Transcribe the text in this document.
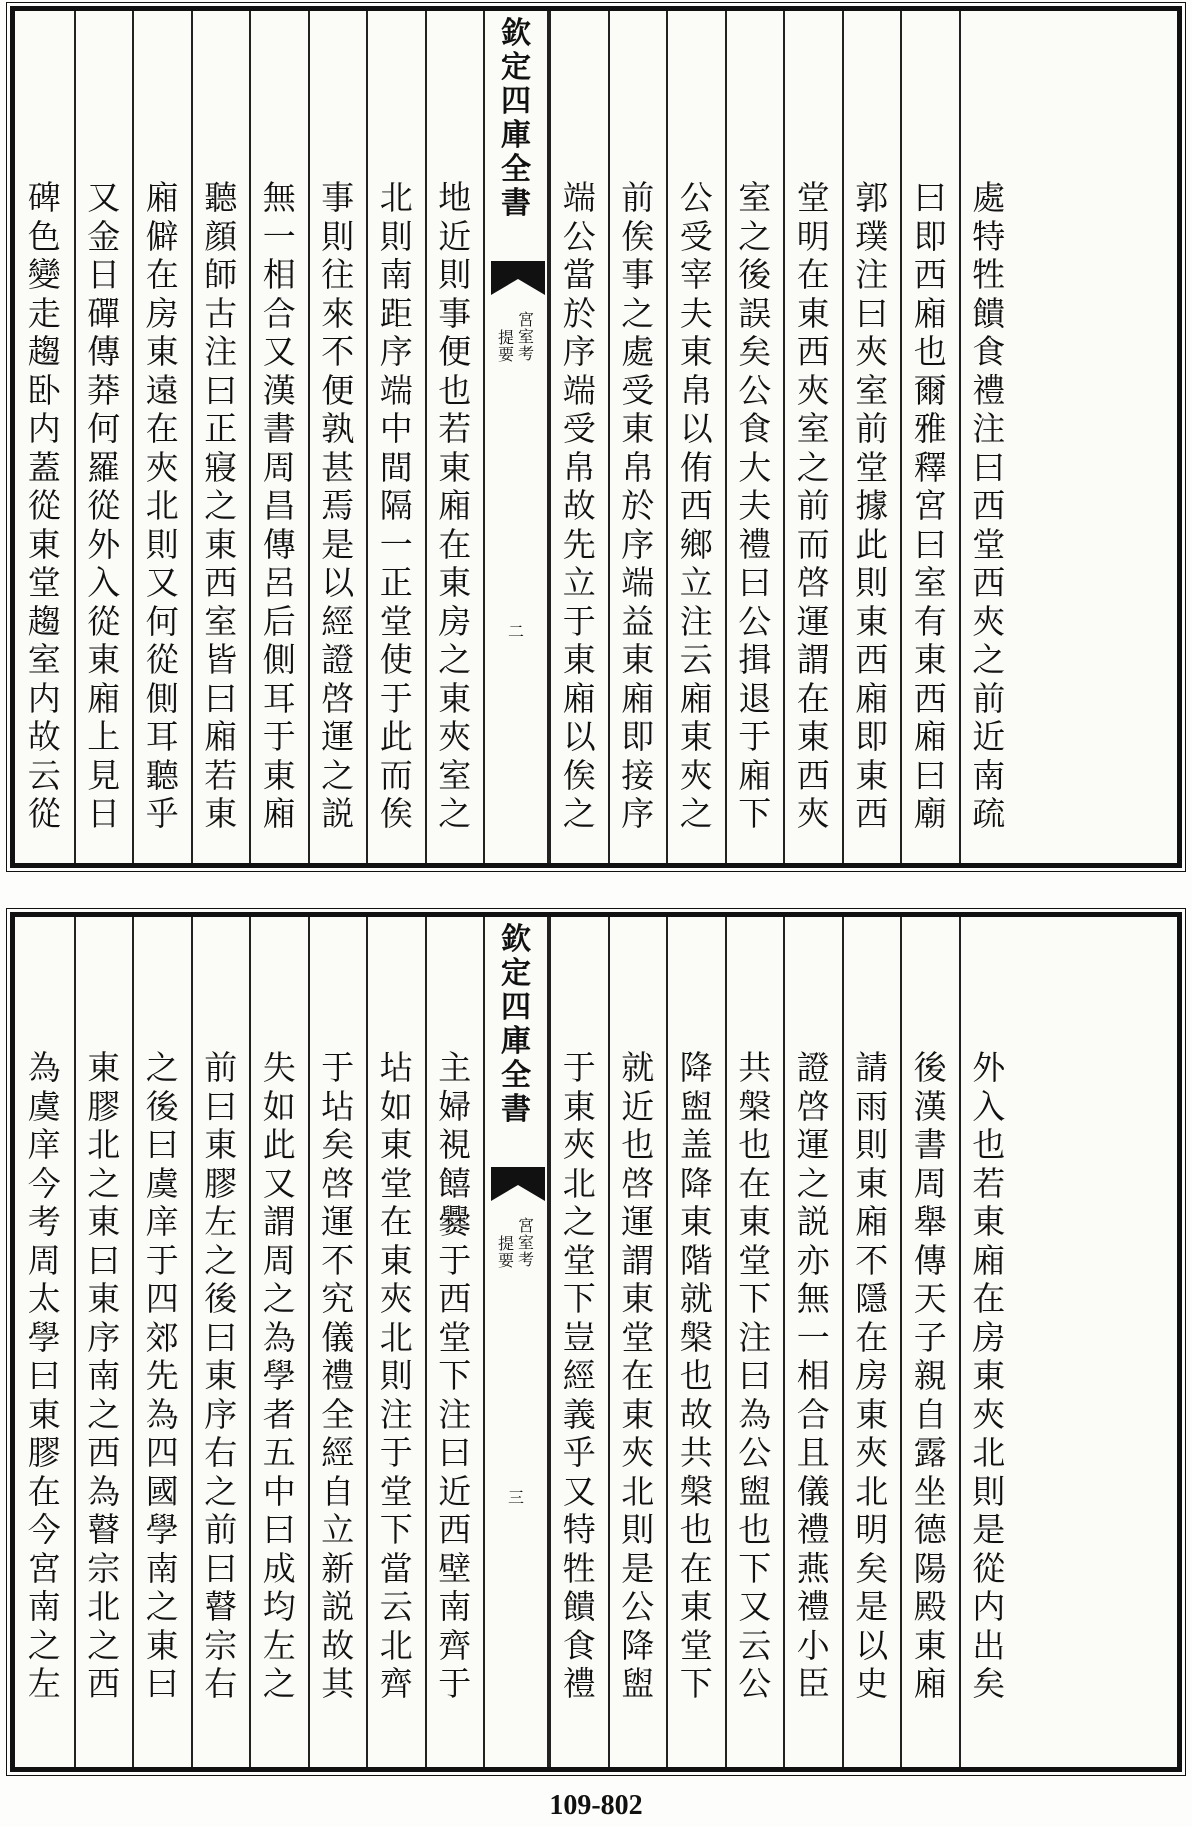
碑
色
變
走
趨
卧
内
蓋
從
東
堂
趨
室
内
故
云
從
又
金
日
磾
傳
莽
何
羅
從
外
入
從
東
廂
上
見
日
廂
僻
在
房
東
遠
在
夾
北
則
又
何
從
側
耳
聽
乎
聽
顔
師
古
注
曰
正
寢
之
東
西
室
皆
曰
廂
若
東
無
一
相
合
又
漢
書
周
昌
傳
呂
后
側
耳
于
東
廂
事
則
往
來
不
便
孰
甚
焉
是
以
經
證
啓
運
之
説
北
則
南
距
序
端
中
間
隔
一
正
堂
使
于
此
而
俟
地
近
則
事
便
也
若
東
廂
在
東
房
之
東
夾
室
之
欽
定
四
庫
全
書
宮
室
考
提
要
二
端
公
當
於
序
端
受
帛
故
先
立
于
東
廂
以
俟
之
前
俟
事
之
處
受
東
帛
於
序
端
益
東
廂
即
接
序
公
受
宰
夫
東
帛
以
侑
西
鄉
立
注
云
廂
東
夾
之
室
之
後
誤
矣
公
食
大
夫
禮
曰
公
揖
退
于
廂
下
堂
明
在
東
西
夾
室
之
前
而
啓
運
謂
在
東
西
夾
郭
璞
注
曰
夾
室
前
堂
據
此
則
東
西
廂
即
東
西
曰
即
西
廂
也
爾
雅
釋
宮
曰
室
有
東
西
廂
曰
廟
處
特
牲
饋
食
禮
注
曰
西
堂
西
夾
之
前
近
南
疏
為
虞
庠
今
考
周
太
學
曰
東
膠
在
今
宮
南
之
左
東
膠
北
之
東
曰
東
序
南
之
西
為
瞽
宗
北
之
西
之
後
曰
虞
庠
于
四
郊
先
為
四
國
學
南
之
東
曰
前
曰
東
膠
左
之
後
曰
東
序
右
之
前
曰
瞽
宗
右
失
如
此
又
謂
周
之
為
學
者
五
中
曰
成
均
左
之
于
坫
矣
啓
運
不
究
儀
禮
全
經
自
立
新
説
故
其
坫
如
東
堂
在
東
夾
北
則
注
于
堂
下
當
云
北
齊
主
婦
視
饎
爨
于
西
堂
下
注
曰
近
西
壁
南
齊
于
欽
定
四
庫
全
書
宮
室
考
提
要
三
于
東
夾
北
之
堂
下
豈
經
義
乎
又
特
牲
饋
食
禮
就
近
也
啓
運
謂
東
堂
在
東
夾
北
則
是
公
降
盥
降
盥
盖
降
東
階
就
槃
也
故
共
槃
也
在
東
堂
下
共
槃
也
在
東
堂
下
注
曰
為
公
盥
也
下
又
云
公
證
啓
運
之
説
亦
無
一
相
合
且
儀
禮
燕
禮
小
臣
請
雨
則
東
廂
不
隱
在
房
東
夾
北
明
矣
是
以
史
後
漢
書
周
舉
傳
天
子
親
自
露
坐
德
陽
殿
東
廂
外
入
也
若
東
廂
在
房
東
夾
北
則
是
從
内
出
矣
109-802
